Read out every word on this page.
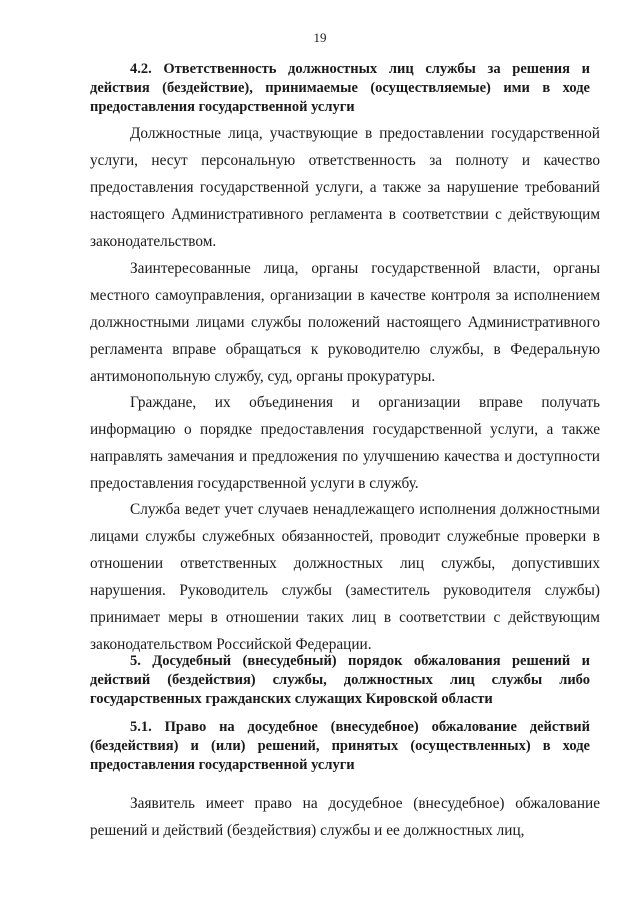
19
4.2. Ответственность должностных лиц службы за решения и действия (бездействие), принимаемые (осуществляемые) ими в ходе предоставления государственной услуги

Должностные лица, участвующие в предоставлении государственной услуги, несут персональную ответственность за полноту и качество предоставления государственной услуги, а также за нарушение требований настоящего Административного регламента в соответствии с действующим законодательством.

Заинтересованные лица, органы государственной власти, органы местного самоуправления, организации в качестве контроля за исполнением должностными лицами службы положений настоящего Административного регламента вправе обращаться к руководителю службы, в Федеральную антимонопольную службу, суд, органы прокуратуры.

Граждане, их объединения и организации вправе получать информацию о порядке предоставления государственной услуги, а также направлять замечания и предложения по улучшению качества и доступности предоставления государственной услуги в службу.

Служба ведет учет случаев ненадлежащего исполнения должностными лицами службы служебных обязанностей, проводит служебные проверки в отношении ответственных должностных лиц службы, допустивших нарушения. Руководитель службы (заместитель руководителя службы) принимает меры в отношении таких лиц в соответствии с действующим законодательством Российской Федерации.

5. Досудебный (внесудебный) порядок обжалования решений и действий (бездействия) службы, должностных лиц службы либо государственных гражданских служащих Кировской области
5.1. Право на досудебное (внесудебное) обжалование действий (бездействия) и (или) решений, принятых (осуществленных) в ходе предоставления государственной услуги

Заявитель имеет право на досудебное (внесудебное) обжалование решений и действий (бездействия) службы и ее должностных лиц,
